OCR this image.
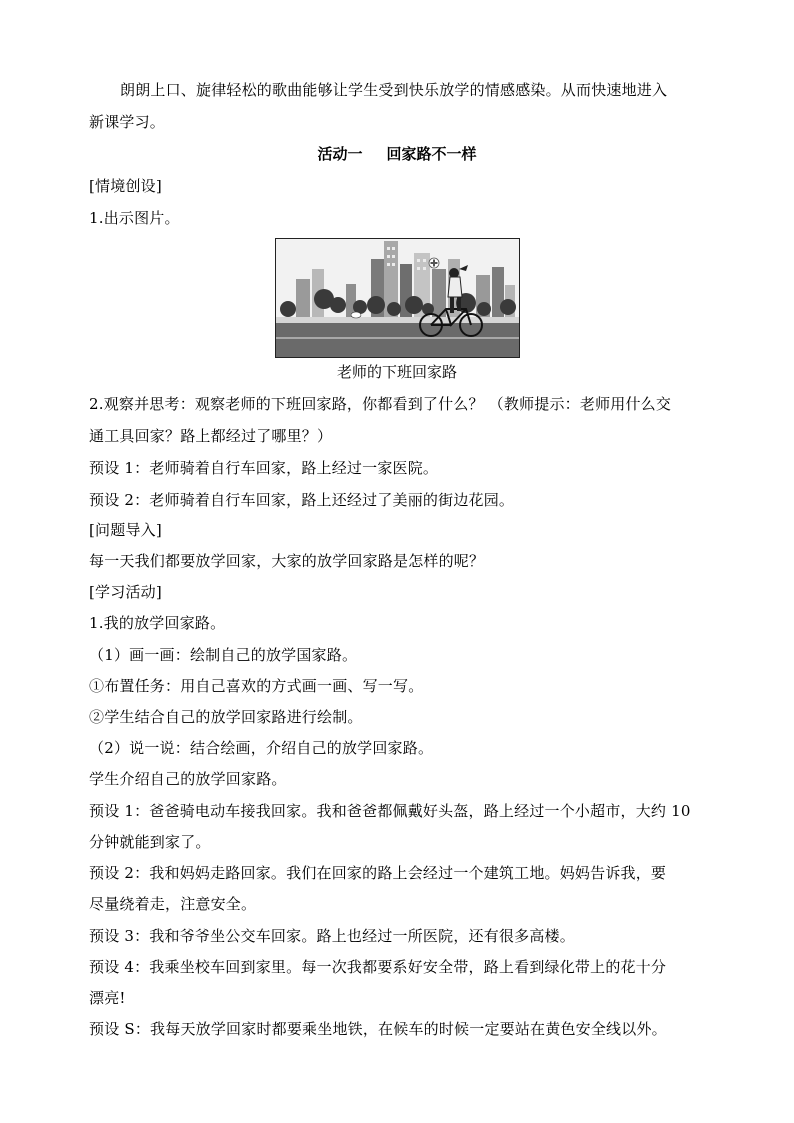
朗朗上口、旋律轻松的歌曲能够让学生受到快乐放学的情感感染。从而快速地进入
新课学习。
活动一 回家路不一样
[情境创设]
1.出示图片。
老师的下班回家路
2.观察并思考：观察老师的下班回家路，你都看到了什么？ （教师提示：老师用什么交
通工具回家？路上都经过了哪里？）
预设 1：老师骑着自行车回家，路上经过一家医院。
预设 2：老师骑着自行车回家，路上还经过了美丽的街边花园。
[问题导入]
每一天我们都要放学回家，大家的放学回家路是怎样的呢？
[学习活动]
1.我的放学回家路。
（1）画一画：绘制自己的放学国家路。
①布置任务：用自己喜欢的方式画一画、写一写。
②学生结合自己的放学回家路进行绘制。
（2）说一说：结合绘画，介绍自己的放学回家路。
学生介绍自己的放学回家路。
预设 1：爸爸骑电动车接我回家。我和爸爸都佩戴好头盔，路上经过一个小超市，大约 10
分钟就能到家了。
预设 2：我和妈妈走路回家。我们在回家的路上会经过一个建筑工地。妈妈告诉我，要
尽量绕着走，注意安全。
预设 3：我和爷爷坐公交车回家。路上也经过一所医院，还有很多高楼。
预设 4：我乘坐校车回到家里。每一次我都要系好安全带，路上看到绿化带上的花十分
漂亮!
预设 S：我每天放学回家时都要乘坐地铁，在候车的时候一定要站在黄色安全线以外。
